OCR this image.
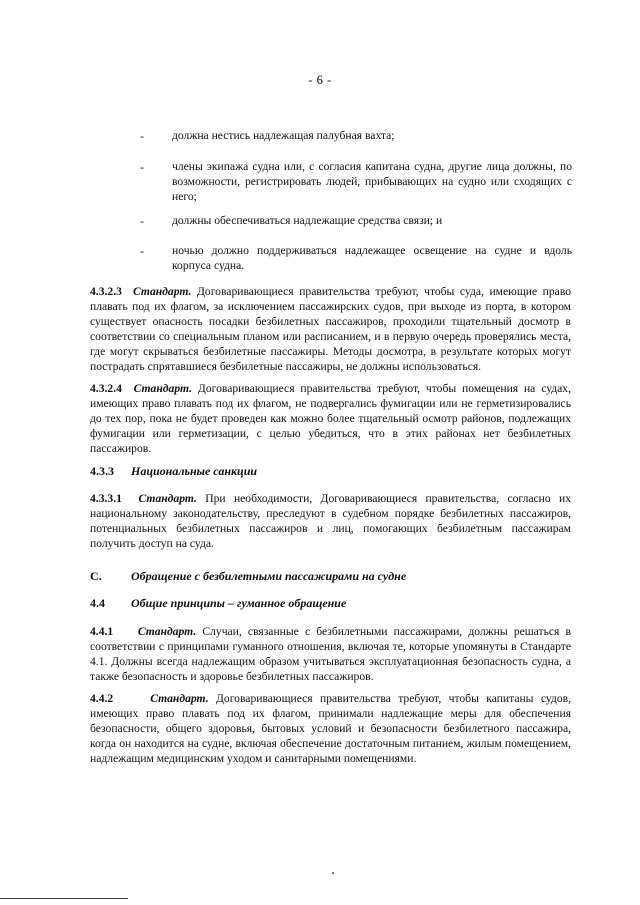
- 6 -
- должна нестись надлежащая палубная вахта;
- члены экипажа судна или, с согласия капитана судна, другие лица должны, по возможности, регистрировать людей, прибывающих на судно или сходящих с него;
- должны обеспечиваться надлежащие средства связи; и
- ночью должно поддерживаться надлежащее освещение на судне и вдоль корпуса судна.
4.3.2.3 Стандарт. Договаривающиеся правительства требуют, чтобы суда, имеющие право плавать под их флагом, за исключением пассажирских судов, при выходе из порта, в котором существует опасность посадки безбилетных пассажиров, проходили тщательный досмотр в соответствии со специальным планом или расписанием, и в первую очередь проверялись места, где могут скрываться безбилетные пассажиры. Методы досмотра, в результате которых могут пострадать спрятавшиеся безбилетные пассажиры, не должны использоваться.
4.3.2.4 Стандарт. Договаривающиеся правительства требуют, чтобы помещения на судах, имеющих право плавать под их флагом, не подвергались фумигации или не герметизировались до тех пор, пока не будет проведен как можно более тщательный осмотр районов, подлежащих фумигации или герметизации, с целью убедиться, что в этих районах нет безбилетных пассажиров.
4.3.3 Национальные санкции
4.3.3.1 Стандарт. При необходимости, Договаривающиеся правительства, согласно их национальному законодательству, преследуют в судебном порядке безбилетных пассажиров, потенциальных безбилетных пассажиров и лиц, помогающих безбилетным пассажирам получить доступ на суда.
C. Обращение с безбилетными пассажирами на судне
4.4 Общие принципы – гуманное обращение
4.4.1 Стандарт. Случаи, связанные с безбилетными пассажирами, должны решаться в соответствии с принципами гуманного отношения, включая те, которые упомянуты в Стандарте 4.1. Должны всегда надлежащим образом учитываться эксплуатационная безопасность судна, а также безопасность и здоровье безбилетных пассажиров.
4.4.2	Стандарт. Договаривающиеся правительства требуют, чтобы капитаны судов, имеющих право плавать под их флагом, принимали надлежащие меры для обеспечения безопасности, общего здоровья, бытовых условий и безопасности безбилетного пассажира, когда он находится на судне, включая обеспечение достаточным питанием, жилым помещением, надлежащим медицинским уходом и санитарными помещениями.
